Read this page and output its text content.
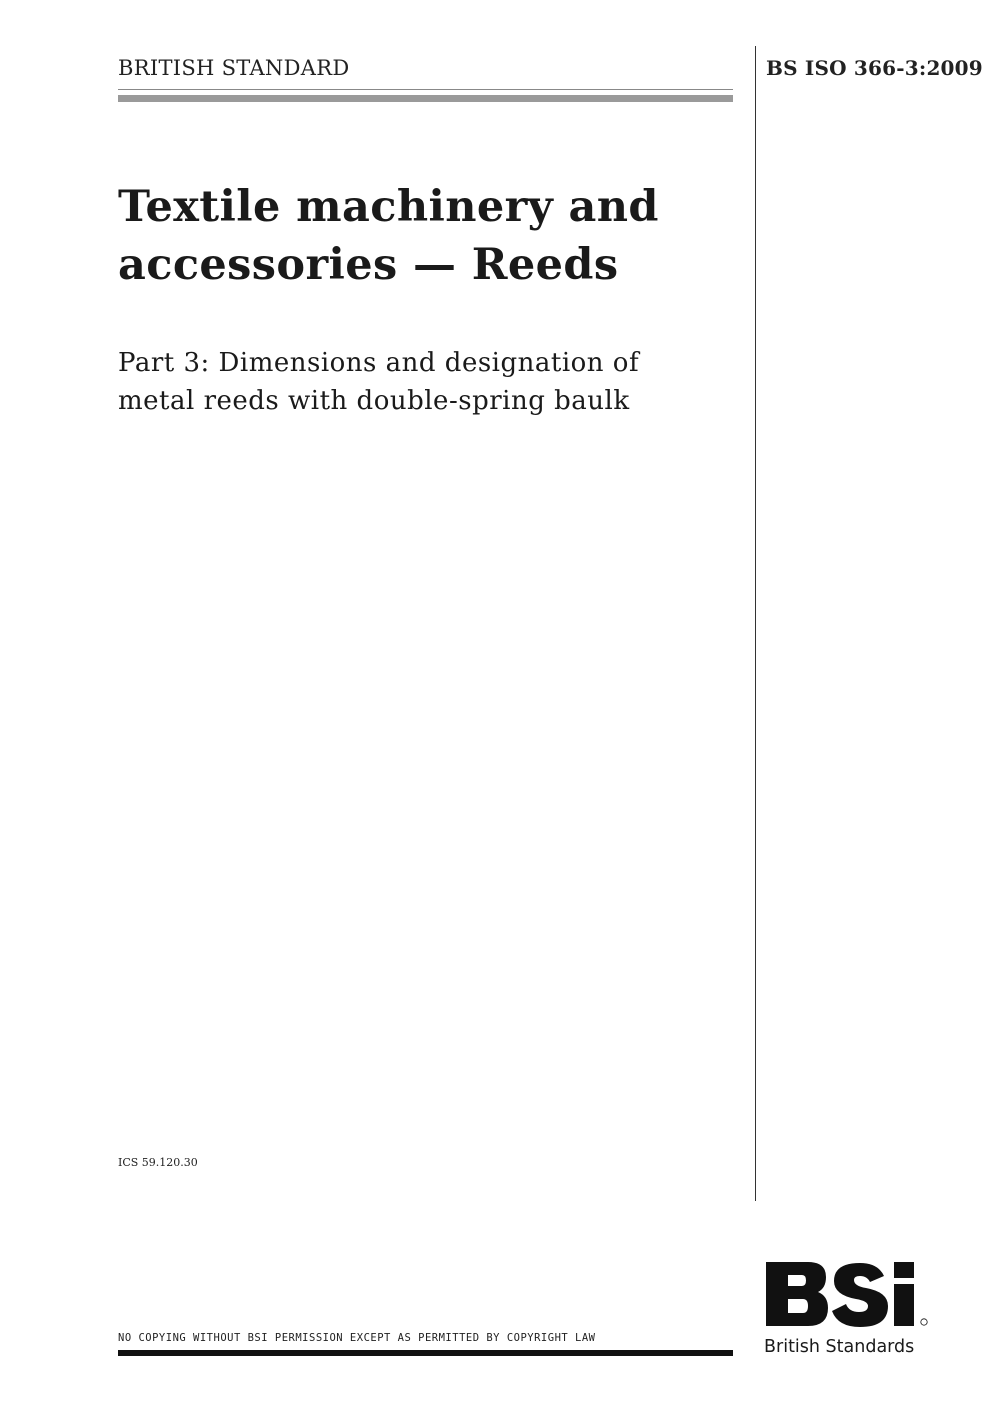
BRITISH STANDARD	BS ISO 366-3:2009
Textile machinery and
accessories — Reeds
Part 3: Dimensions and designation of
metal reeds with double-spring baulk
ICS 59.120.30
NO COPYING WITHOUT BSI PERMISSION EXCEPT AS PERMITTED BY COPYRIGHT LAW	British Standards
